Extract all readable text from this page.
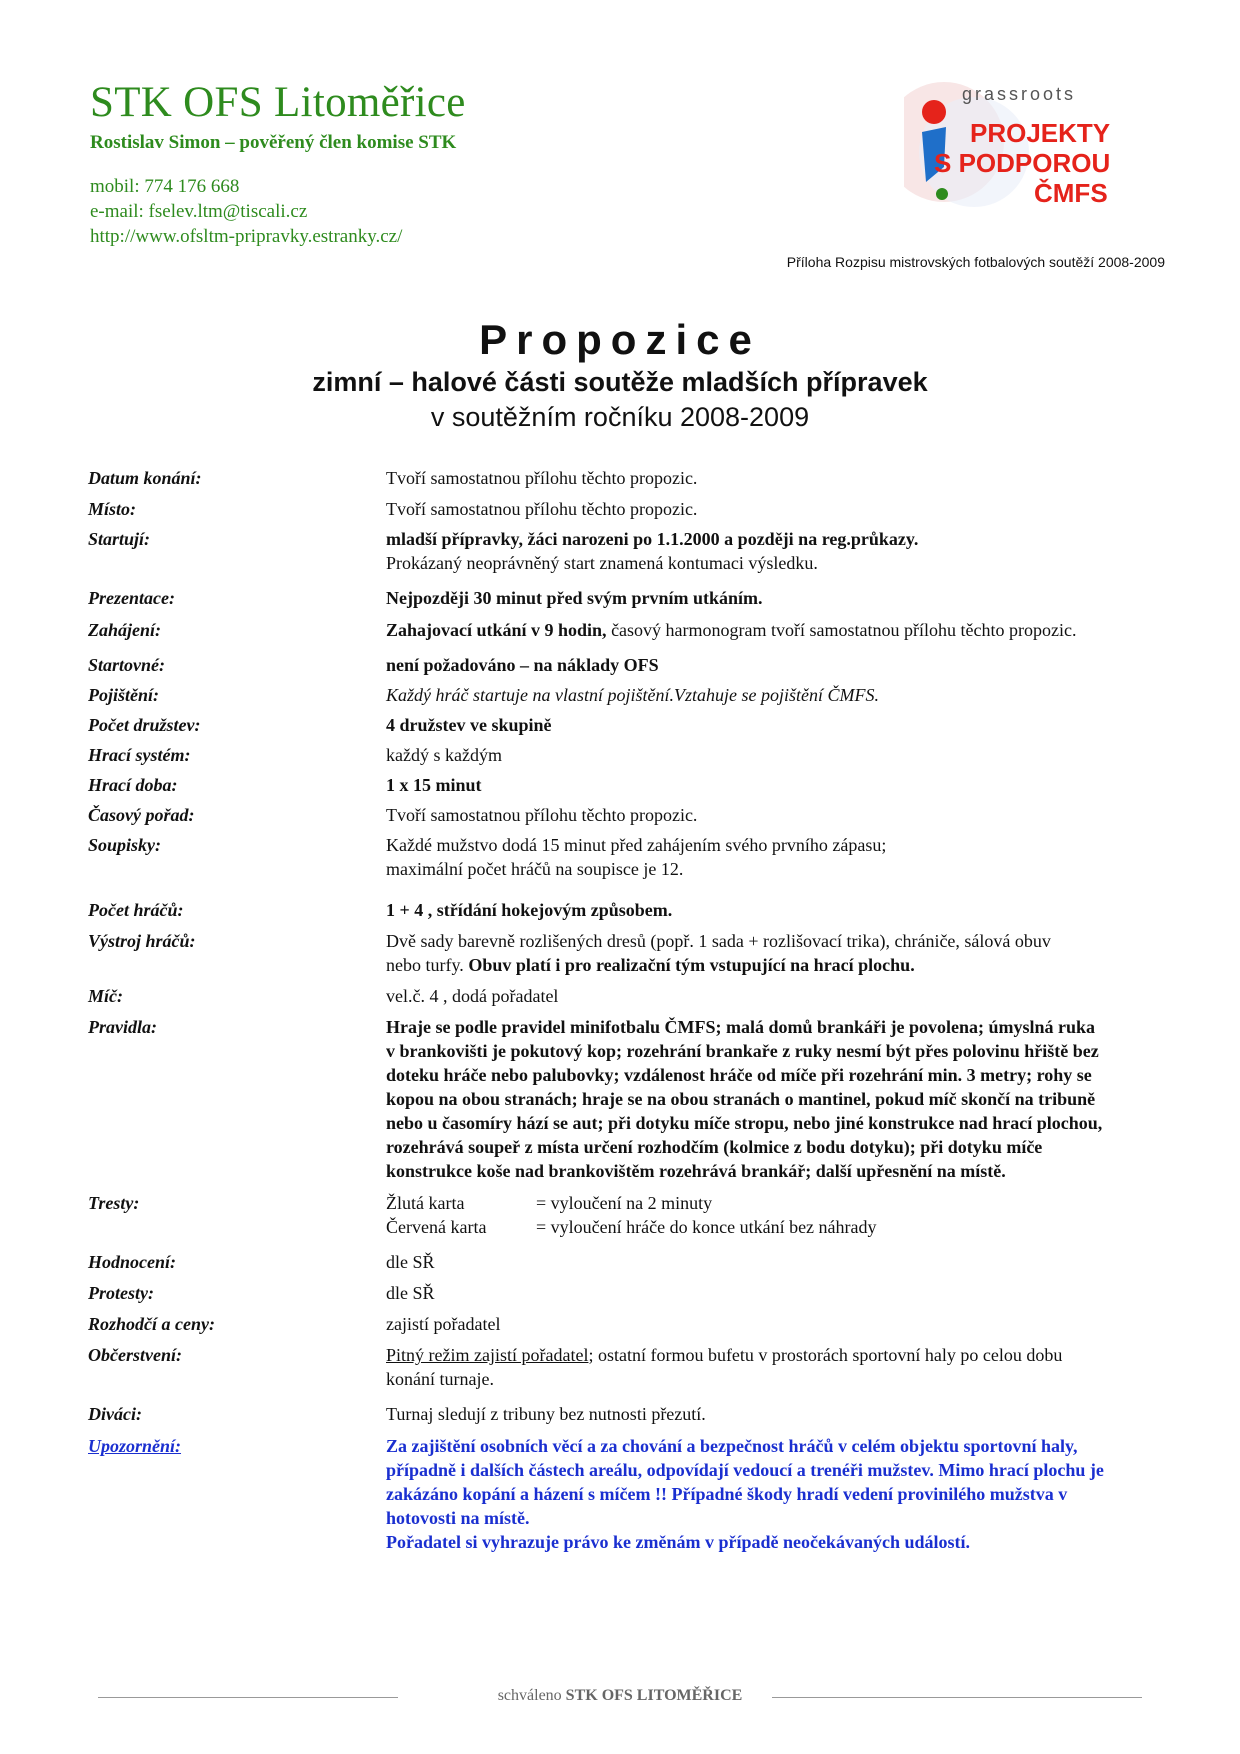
STK OFS Litoměřice
Rostislav Simon – pověřený člen komise STK
mobil: 774 176 668
e-mail: fselev.ltm@tiscali.cz
http://www.ofsltm-pripravky.estranky.cz/
grassroots
PROJEKTY
S PODPOROU
ČMFS
Příloha Rozpisu mistrovských fotbalových soutěží 2008-2009
Propozice
zimní – halové části soutěže mladších přípravek
v soutěžním ročníku 2008-2009
Datum konání:	Tvoří samostatnou přílohu těchto propozic.
Místo:	Tvoří samostatnou přílohu těchto propozic.
Startují:	mladší přípravky, žáci narozeni po 1.1.2000 a později na reg.průkazy.
Prokázaný neoprávněný start znamená kontumaci výsledku.
Prezentace:	Nejpozději 30 minut před svým prvním utkáním.
Zahájení:	Zahajovací utkání v 9 hodin, časový harmonogram tvoří samostatnou přílohu těchto propozic.
Startovné:	není požadováno – na náklady OFS
Pojištění:	Každý hráč startuje na vlastní pojištění.Vztahuje se pojištění ČMFS.
Počet družstev:	4 družstev ve skupině
Hrací systém:	každý s každým
Hrací doba:	1 x 15 minut
Časový pořad:	Tvoří samostatnou přílohu těchto propozic.
Soupisky:	Každé mužstvo dodá 15 minut před zahájením svého prvního zápasu; maximální počet hráčů na soupisce je 12.
Počet hráčů:	1 + 4 , střídání hokejovým způsobem.
Výstroj hráčů:	Dvě sady barevně rozlišených dresů (popř. 1 sada + rozlišovací trika), chrániče, sálová obuv nebo turfy. Obuv platí i pro realizační tým vstupující na hrací plochu.
Míč:	vel.č. 4 , dodá pořadatel
Pravidla:	Hraje se podle pravidel minifotbalu ČMFS; malá domů brankáři je povolena; úmyslná ruka v brankovišti je pokutový kop; rozehrání brankaře z ruky nesmí být přes polovinu hřiště bez doteku hráče nebo palubovky; vzdálenost hráče od míče při rozehrání min. 3 metry; rohy se kopou na obou stranách; hraje se na obou stranách o mantinel, pokud míč skončí na tribuně nebo u časomíry hází se aut; při dotyku míče stropu, nebo jiné konstrukce nad hrací plochou, rozehrává soupeř z místa určení rozhodčím (kolmice z bodu dotyku); při dotyku míče konstrukce koše nad brankovištěm rozehrává brankář; další upřesnění na místě.
Tresty:	Žlutá karta	= vyloučení na 2 minuty
Červená karta	= vyloučení hráče do konce utkání bez náhrady
Hodnocení:	dle SŘ
Protesty:	dle SŘ
Rozhodčí a ceny:	zajistí pořadatel
Občerstvení:	Pitný režim zajistí pořadatel; ostatní formou bufetu v prostorách sportovní haly po celou dobu konání turnaje.
Diváci:	Turnaj sledují z tribuny bez nutnosti přezutí.
Upozornění:	Za zajištění osobních věcí a za chování a bezpečnost hráčů v celém objektu sportovní haly, případně i dalších částech areálu, odpovídají vedoucí a trenéři mužstev. Mimo hrací plochu je zakázáno kopání a házení s míčem !! Případné škody hradí vedení provinilého mužstva v hotovosti na místě.
Pořadatel si vyhrazuje právo ke změnám v případě neočekávaných událostí.
schváleno STK OFS LITOMĚŘICE
